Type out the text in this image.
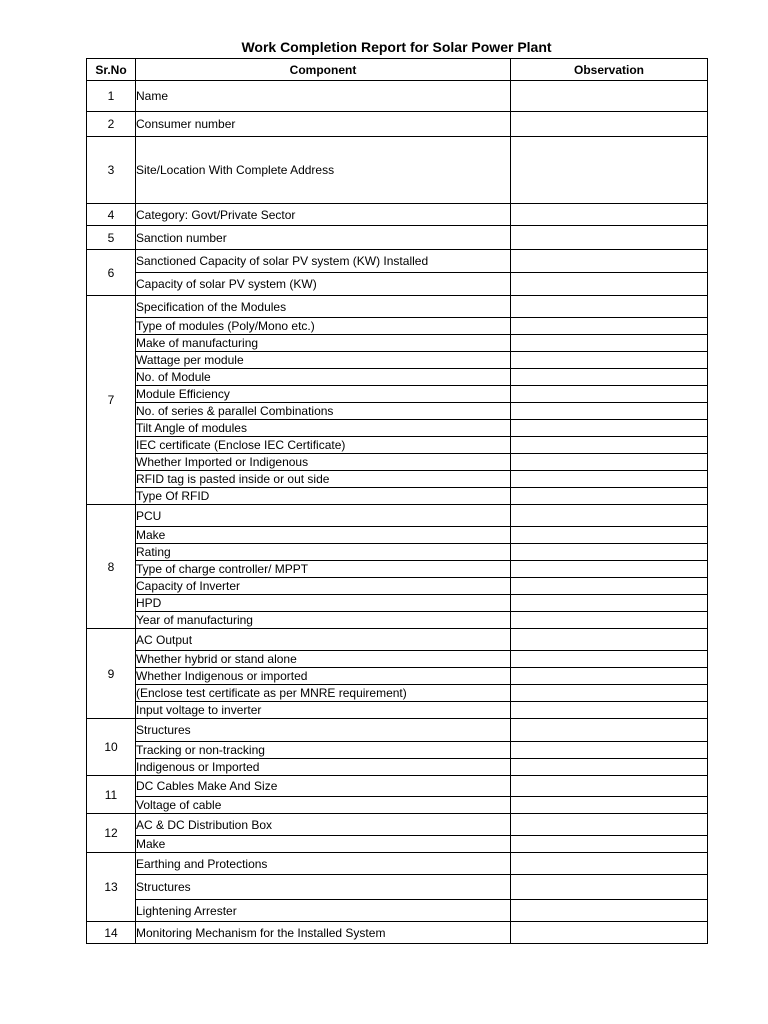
Work Completion Report for Solar Power Plant
Sr.No	Component	Observation
1	Name	
2	Consumer number	
3	Site/Location With Complete Address	
4	Category: Govt/Private Sector	
5	Sanction number	
6	Sanctioned Capacity of solar PV system (KW) Installed	
	Capacity of solar PV system (KW)	
7	Specification of the Modules	
	Type of modules (Poly/Mono etc.)	
	Make of manufacturing	
	Wattage per module	
	No. of Module	
	Module Efficiency	
	No. of series & parallel Combinations	
	Tilt Angle of modules	
	IEC certificate (Enclose IEC Certificate)	
	Whether Imported or Indigenous	
	RFID tag is pasted inside or out side	
	Type Of RFID	
8	PCU	
	Make	
	Rating	
	Type of charge controller/ MPPT	
	Capacity of Inverter	
	HPD	
	Year of manufacturing	
9	AC Output	
	Whether hybrid or stand alone	
	Whether Indigenous or imported	
	(Enclose test certificate as per MNRE requirement)	
	Input voltage to inverter	
10	Structures	
	Tracking or non-tracking	
	Indigenous or Imported	
11	DC Cables Make And Size	
	Voltage of cable	
12	AC & DC Distribution Box	
	Make	
13	Earthing and Protections	
	Structures	
	Lightening Arrester	
14	Monitoring Mechanism for the Installed System	
